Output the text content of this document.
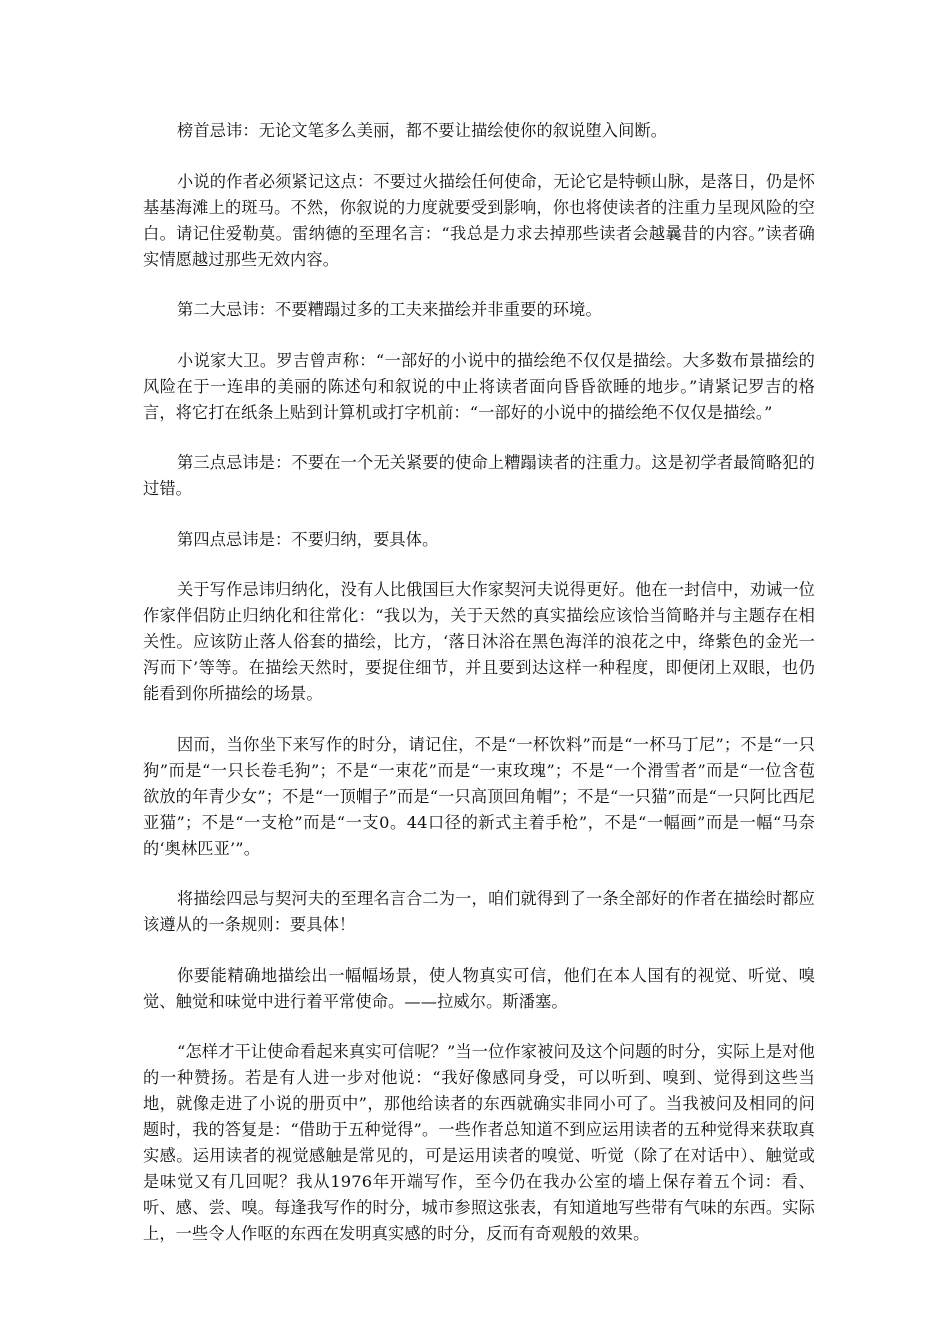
榜首忌讳：无论文笔多么美丽，都不要让描绘使你的叙说堕入间断。

小说的作者必须紧记这点：不要过火描绘任何使命，无论它是特顿山脉，是落日，仍是怀基基海滩上的斑马。不然，你叙说的力度就要受到影响，你也将使读者的注重力呈现风险的空白。请记住爱勒莫。雷纳德的至理名言：“我总是力求去掉那些读者会越曩昔的内容。”读者确实情愿越过那些无效内容。

第二大忌讳：不要糟蹋过多的工夫来描绘并非重要的环境。

小说家大卫。罗吉曾声称：“一部好的小说中的描绘绝不仅仅是描绘。大多数布景描绘的风险在于一连串的美丽的陈述句和叙说的中止将读者面向昏昏欲睡的地步。”请紧记罗吉的格言，将它打在纸条上贴到计算机或打字机前：“一部好的小说中的描绘绝不仅仅是描绘。”

第三点忌讳是：不要在一个无关紧要的使命上糟蹋读者的注重力。这是初学者最简略犯的过错。

第四点忌讳是：不要归纳，要具体。

关于写作忌讳归纳化，没有人比俄国巨大作家契河夫说得更好。他在一封信中，劝诫一位作家伴侣防止归纳化和往常化：“我以为，关于天然的真实描绘应该恰当简略并与主题存在相关性。应该防止落人俗套的描绘，比方，‘落日沐浴在黑色海洋的浪花之中，绛紫色的金光一泻而下’等等。在描绘天然时，要捉住细节，并且要到达这样一种程度，即便闭上双眼，也仍能看到你所描绘的场景。

因而，当你坐下来写作的时分，请记住，不是“一杯饮料”而是“一杯马丁尼”；不是“一只狗”而是“一只长卷毛狗”；不是“一束花”而是“一束玫瑰”；不是“一个滑雪者”而是“一位含苞欲放的年青少女”；不是“一顶帽子”而是“一只高顶回角帽”；不是“一只猫”而是“一只阿比西尼亚猫”；不是“一支枪”而是“一支0。44口径的新式主着手枪”，不是“一幅画”而是一幅“马奈的‘奥林匹亚’”。

将描绘四忌与契河夫的至理名言合二为一，咱们就得到了一条全部好的作者在描绘时都应该遵从的一条规则：要具体！

你要能精确地描绘出一幅幅场景，使人物真实可信，他们在本人国有的视觉、听觉、嗅觉、触觉和味觉中进行着平常使命。——拉威尔。斯潘塞。

“怎样才干让使命看起来真实可信呢？”当一位作家被问及这个问题的时分，实际上是对他的一种赞扬。若是有人进一步对他说：“我好像感同身受，可以听到、嗅到、觉得到这些当地，就像走进了小说的册页中”，那他给读者的东西就确实非同小可了。当我被问及相同的问题时，我的答复是：“借助于五种觉得”。一些作者总知道不到应运用读者的五种觉得来获取真实感。运用读者的视觉感触是常见的，可是运用读者的嗅觉、听觉（除了在对话中）、触觉或是味觉又有几回呢？我从1976年开端写作，至今仍在我办公室的墙上保存着五个词：看、听、感、尝、嗅。每逢我写作的时分，城市参照这张表，有知道地写些带有气味的东西。实际上，一些令人作呕的东西在发明真实感的时分，反而有奇观般的效果。
